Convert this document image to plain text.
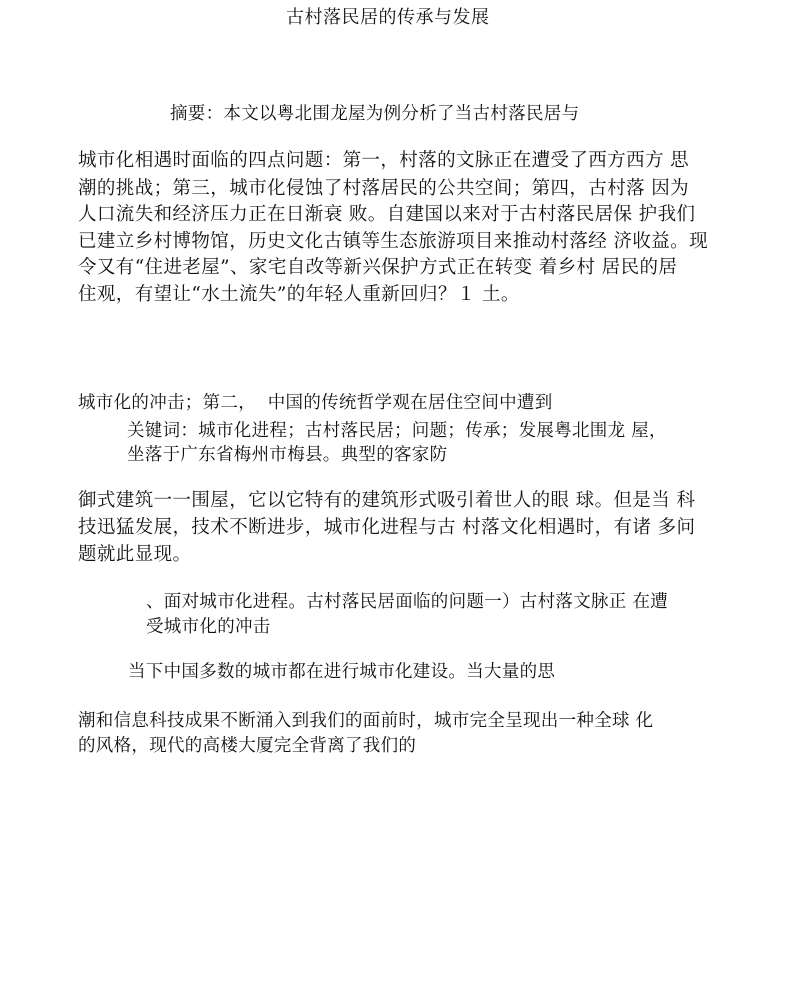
古村落民居的传承与发展
摘要：本文以粤北围龙屋为例分析了当古村落民居与
城市化相遇时面临的四点问题：第一，村落的文脉正在遭受了西方西方 思
潮的挑战；第三，城市化侵蚀了村落居民的公共空间；第四，古村落 因为
人口流失和经济压力正在日渐衰 败。自建国以来对于古村落民居保 护我们
已建立乡村博物馆，历史文化古镇等生态旅游项目来推动村落经 济收益。现
令又有“住进老屋”、家宅自改等新兴保护方式正在转变 着乡村 居民的居
住观，有望让“水土流失”的年轻人重新回归？１ 土。
城市化的冲击；第二，  中国的传统哲学观在居住空间中遭到
关键词：城市化进程；古村落民居；问题；传承；发展粤北围龙 屋，
坐落于广东省梅州市梅县。典型的客家防
御式建筑一一围屋，它以它特有的建筑形式吸引着世人的眼 球。但是当 科
技迅猛发展，技术不断进步，城市化进程与古 村落文化相遇时，有诸 多问
题就此显现。
、面对城市化进程。古村落民居面临的问题一）古村落文脉正 在遭
受城市化的冲击
当下中国多数的城市都在进行城市化建设。当大量的思
潮和信息科技成果不断涌入到我们的面前时，城市完全呈现出一种全球 化
的风格，现代的高楼大厦完全背离了我们的
